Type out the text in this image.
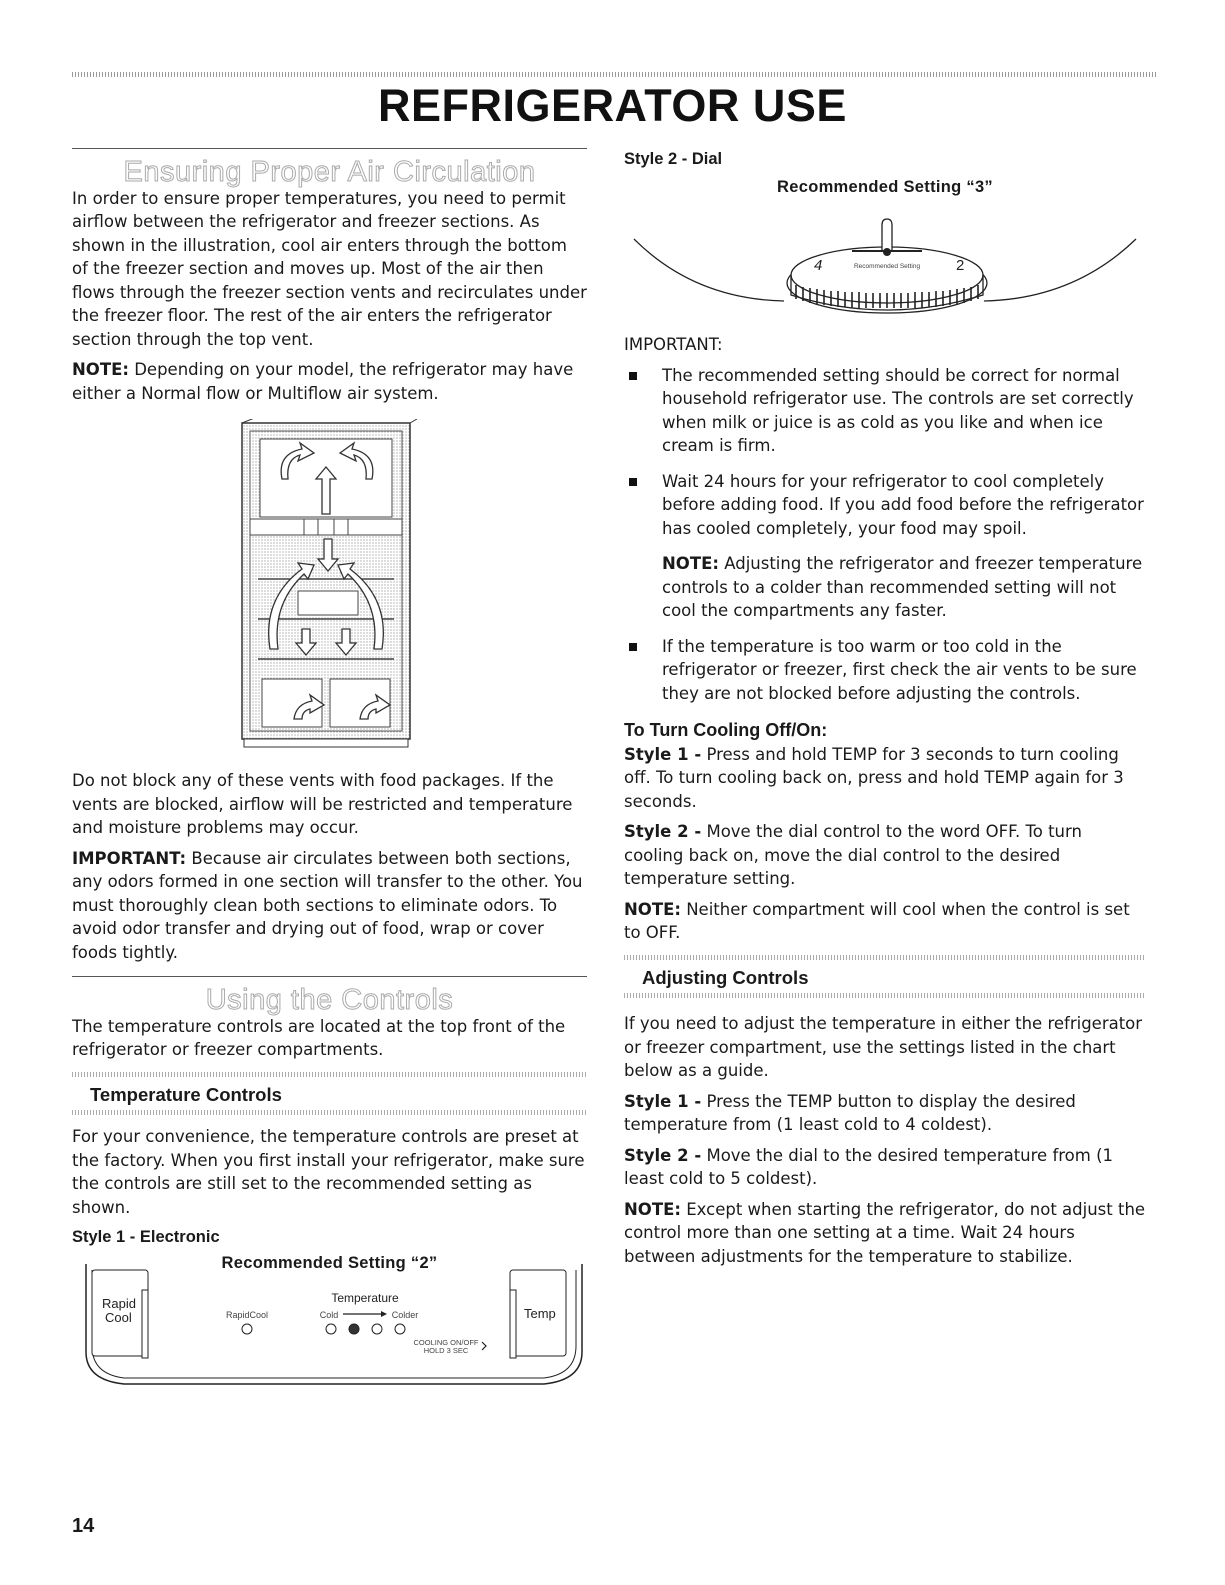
REFRIGERATOR USE
Ensuring Proper Air Circulation

In order to ensure proper temperatures, you need to permit airflow between the refrigerator and freezer sections. As shown in the illustration, cool air enters through the bottom of the freezer section and moves up. Most of the air then flows through the freezer section vents and recirculates under the freezer floor. The rest of the air enters the refrigerator section through the top vent.

NOTE: Depending on your model, the refrigerator may have either a Normal flow or Multiflow air system.

Do not block any of these vents with food packages. If the vents are blocked, airflow will be restricted and temperature and moisture problems may occur.

IMPORTANT: Because air circulates between both sections, any odors formed in one section will transfer to the other. You must thoroughly clean both sections to eliminate odors. To avoid odor transfer and drying out of food, wrap or cover foods tightly.

Using the Controls

The temperature controls are located at the top front of the refrigerator or freezer compartments.

Temperature Controls

For your convenience, the temperature controls are preset at the factory. When you first install your refrigerator, make sure the controls are still set to the recommended setting as shown.

Style 1 - Electronic
Recommended Setting “2”
Rapid
Cool	Temp
RapidCool
Temperature
Cold	Colder
COOLING ON/OFF
HOLD 3 SEC
Style 2 - Dial
Recommended Setting “3”
4	2
Recommended Setting

IMPORTANT:

The recommended setting should be correct for normal household refrigerator use. The controls are set correctly when milk or juice is as cold as you like and when ice cream is firm.
Wait 24 hours for your refrigerator to cool completely before adding food. If you add food before the refrigerator has cooled completely, your food may spoil.
NOTE: Adjusting the refrigerator and freezer temperature controls to a colder than recommended setting will not cool the compartments any faster.
If the temperature is too warm or too cold in the refrigerator or freezer, first check the air vents to be sure they are not blocked before adjusting the controls.
To Turn Cooling Off/On:

Style 1 - Press and hold TEMP for 3 seconds to turn cooling off. To turn cooling back on, press and hold TEMP again for 3 seconds.

Style 2 - Move the dial control to the word OFF. To turn cooling back on, move the dial control to the desired temperature setting.

NOTE: Neither compartment will cool when the control is set to OFF.

Adjusting Controls

If you need to adjust the temperature in either the refrigerator or freezer compartment, use the settings listed in the chart below as a guide.

Style 1 - Press the TEMP button to display the desired temperature from (1 least cold to 4 coldest).

Style 2 - Move the dial to the desired temperature from (1 least cold to 5 coldest).

NOTE: Except when starting the refrigerator, do not adjust the control more than one setting at a time. Wait 24 hours between adjustments for the temperature to stabilize.

14
